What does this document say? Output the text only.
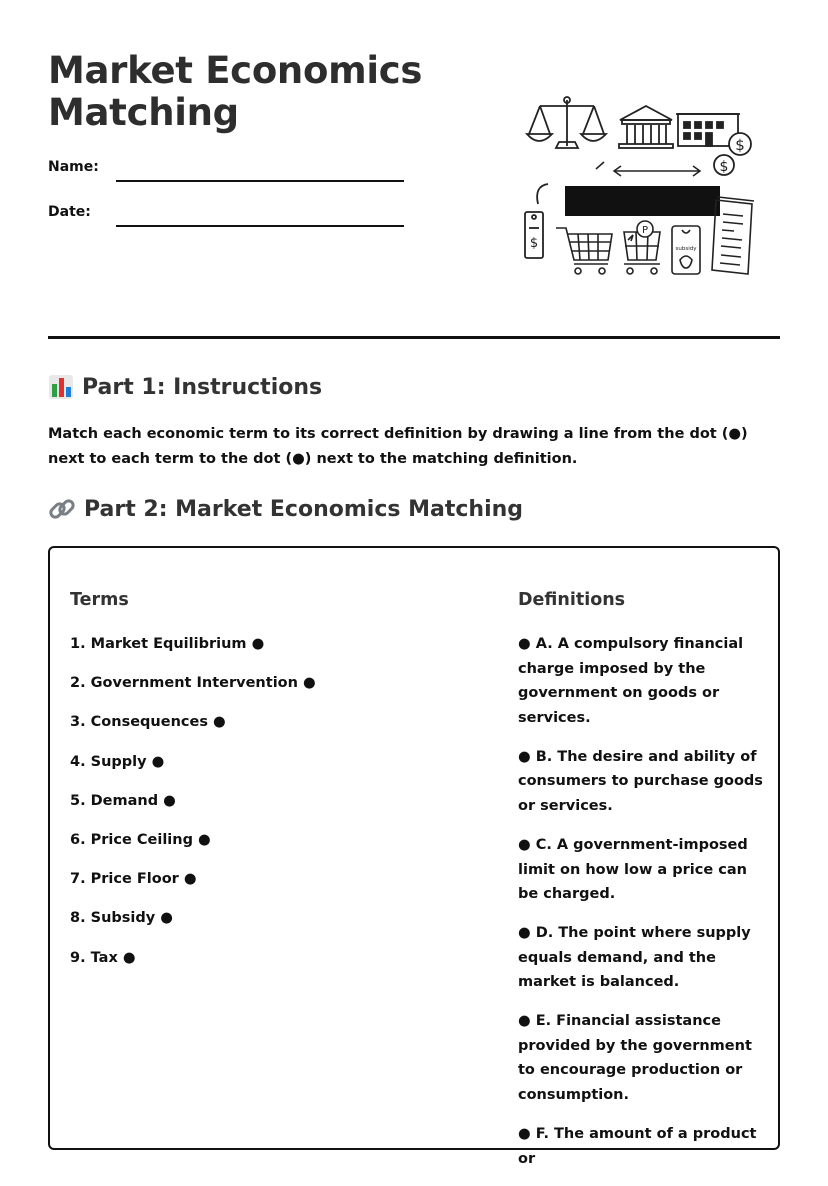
Market Economics
Matching
Name:
Date:
$
$
$
P
subsidy
Part 1: Instructions

Match each economic term to its correct definition by drawing a line from the dot (●) next to each term to the dot (●) next to the matching definition.

Part 2: Market Economics Matching
Terms	Definitions
1. Market Equilibrium ●
2. Government Intervention ●
3. Consequences ●
4. Supply ●
5. Demand ●
6. Price Ceiling ●
7. Price Floor ●
8. Subsidy ●
9. Tax ●
● A. A compulsory financial charge imposed by the government on goods or services.
● B. The desire and ability of consumers to purchase goods or services.
● C. A government-imposed limit on how low a price can be charged.
● D. The point where supply equals demand, and the market is balanced.
● E. Financial assistance provided by the government to encourage production or consumption.
● F. The amount of a product or
